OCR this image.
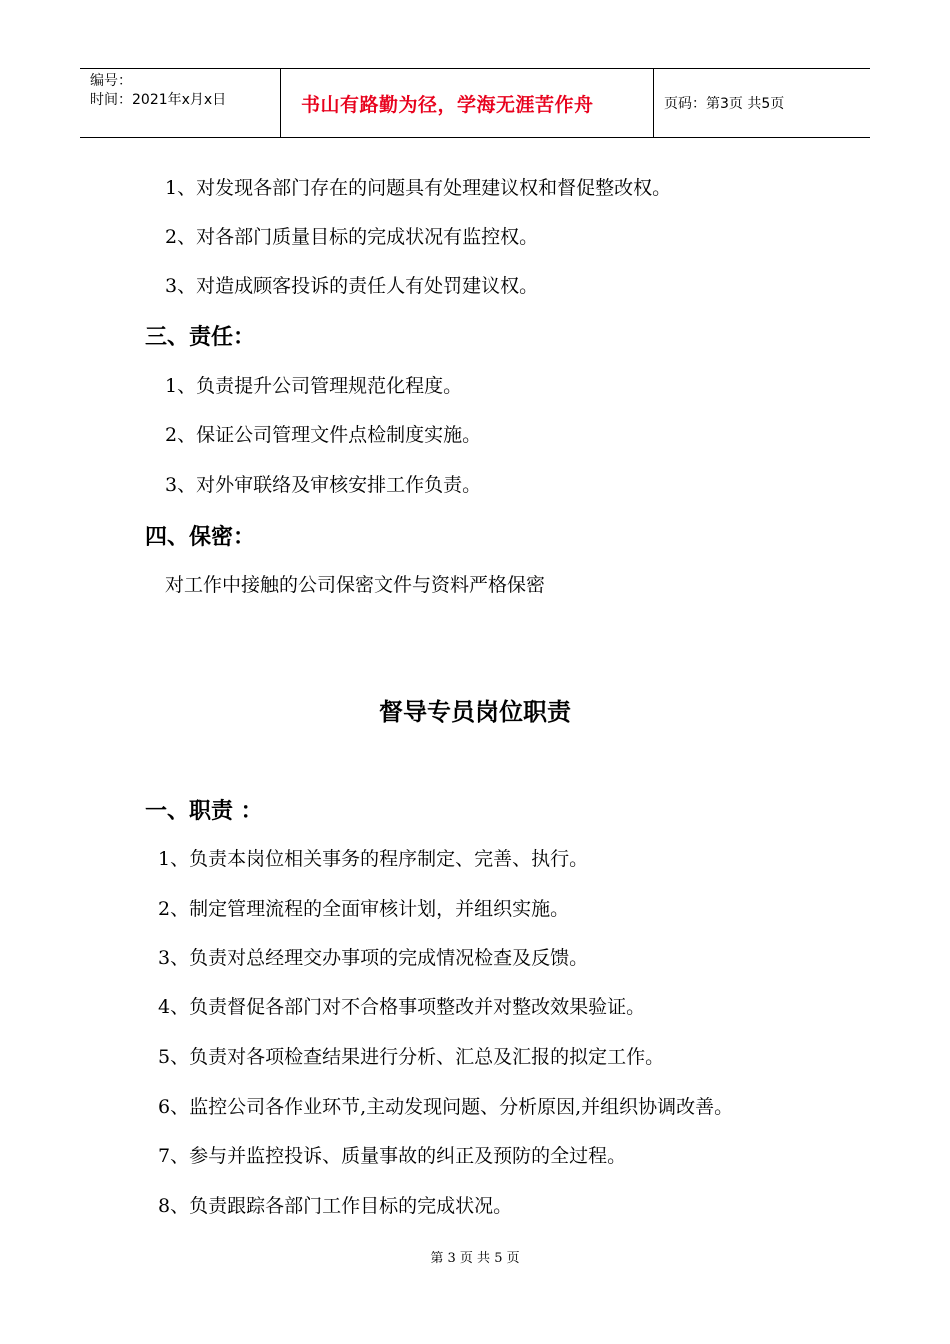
编号：
时间：2021年x月x日	书山有路勤为径，学海无涯苦作舟	页码：第3页 共5页
1、对发现各部门存在的问题具有处理建议权和督促整改权。
2、对各部门质量目标的完成状况有监控权。
3、对造成顾客投诉的责任人有处罚建议权。
三、责任：
1、负责提升公司管理规范化程度。
2、保证公司管理文件点检制度实施。
3、对外审联络及审核安排工作负责。
四、保密：
对工作中接触的公司保密文件与资料严格保密
督导专员岗位职责
一、职责 ：
1、负责本岗位相关事务的程序制定、完善、执行。
2、制定管理流程的全面审核计划，并组织实施。
3、负责对总经理交办事项的完成情况检查及反馈。
4、负责督促各部门对不合格事项整改并对整改效果验证。
5、负责对各项检查结果进行分析、汇总及汇报的拟定工作。
6、监控公司各作业环节,主动发现问题、分析原因,并组织协调改善。
7、参与并监控投诉、质量事故的纠正及预防的全过程。
8、负责跟踪各部门工作目标的完成状况。
第 3 页 共 5 页
